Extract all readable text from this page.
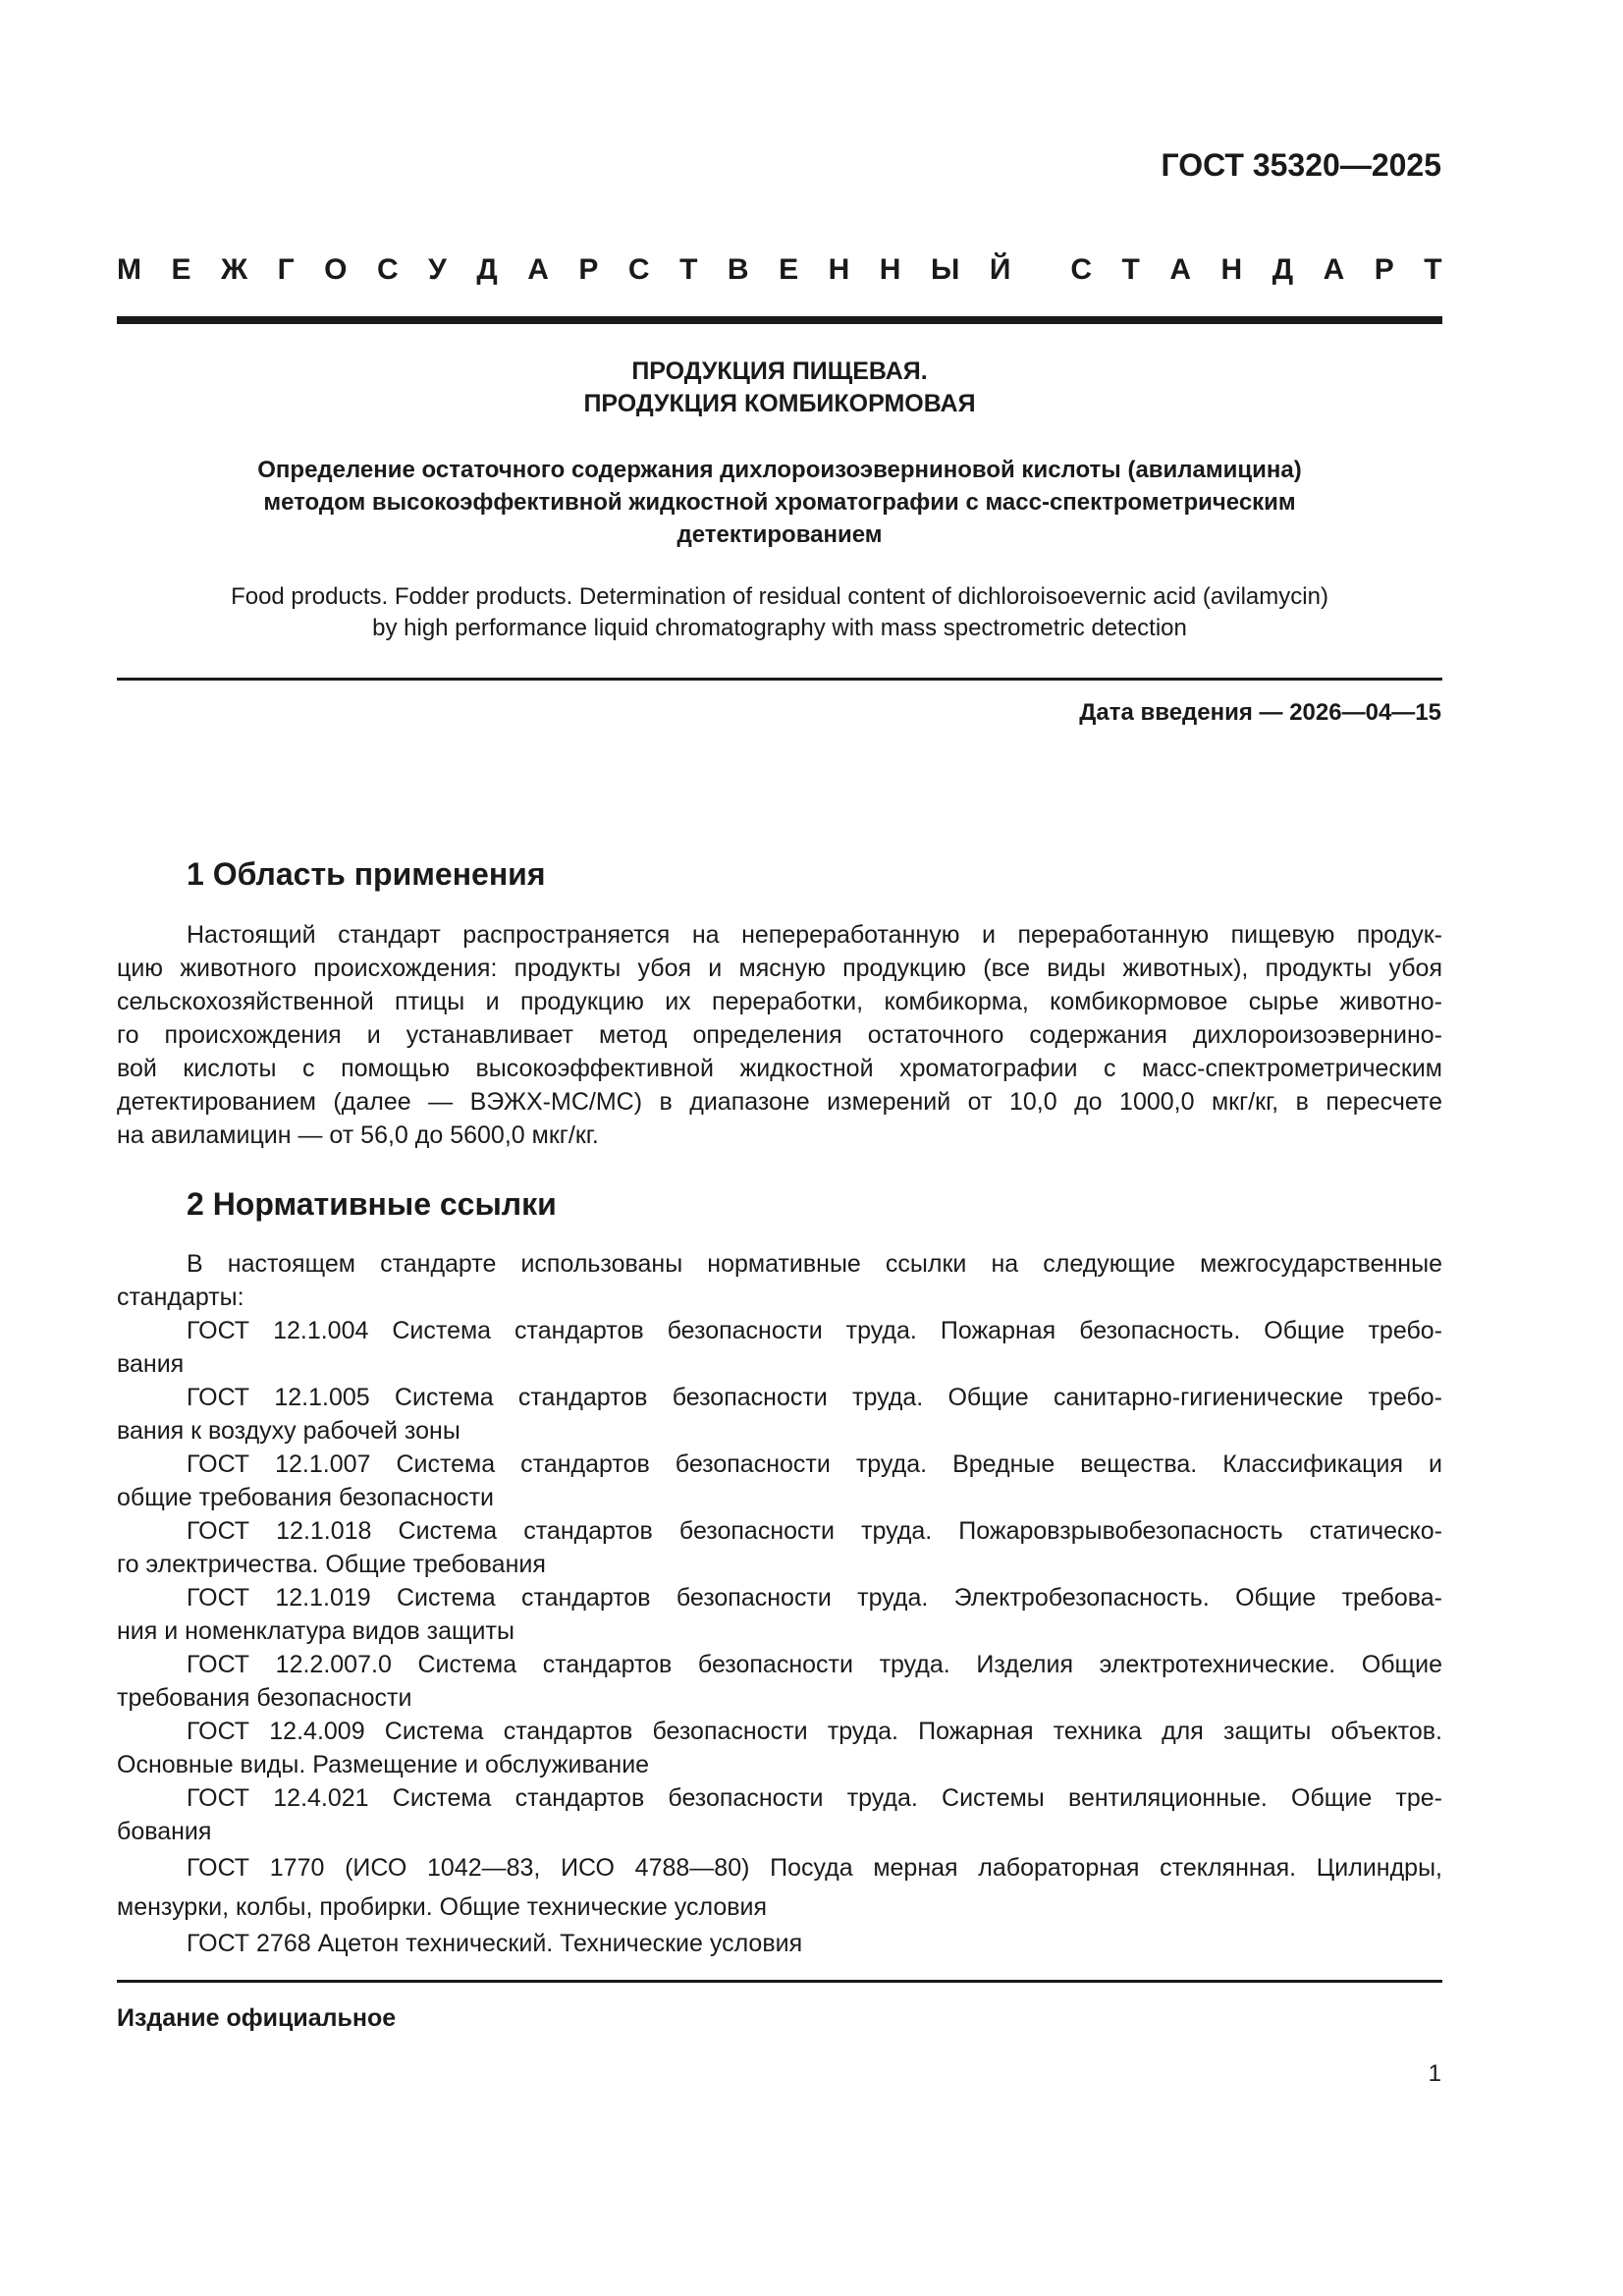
ГОСТ 35320—2025
М Е Ж Г О С У Д А Р С Т В Е Н Н Ы Й С Т А Н Д А Р Т
ПРОДУКЦИЯ ПИЩЕВАЯ.
ПРОДУКЦИЯ КОМБИКОРМОВАЯ
Определение остаточного содержания дихлороизоэверниновой кислоты (авиламицина)
методом высокоэффективной жидкостной хроматографии с масс-спектрометрическим
детектированием
Food products. Fodder products. Determination of residual content of dichloroisoevernic acid (avilamycin)
by high performance liquid chromatography with mass spectrometric detection
Дата введения — 2026—04—15
1 Область применения
Настоящий стандарт распространяется на непереработанную и переработанную пищевую продук-
цию животного происхождения: продукты убоя и мясную продукцию (все виды животных), продукты убоя
сельскохозяйственной птицы и продукцию их переработки, комбикорма, комбикормовое сырье животно-
го происхождения и устанавливает метод определения остаточного содержания дихлороизоэвернино-
вой кислоты с помощью высокоэффективной жидкостной хроматографии с масс-спектрометрическим
детектированием (далее — ВЭЖХ-МС/МС) в диапазоне измерений от 10,0 до 1000,0 мкг/кг, в пересчете
на авиламицин — от 56,0 до 5600,0 мкг/кг.
2 Нормативные ссылки
В настоящем стандарте использованы нормативные ссылки на следующие межгосударственные
стандарты:
ГОСТ 12.1.004 Система стандартов безопасности труда. Пожарная безопасность. Общие требо-
вания
ГОСТ 12.1.005 Система стандартов безопасности труда. Общие санитарно-гигиенические требо-
вания к воздуху рабочей зоны
ГОСТ 12.1.007 Система стандартов безопасности труда. Вредные вещества. Классификация и
общие требования безопасности
ГОСТ 12.1.018 Система стандартов безопасности труда. Пожаровзрывобезопасность статическо-
го электричества. Общие требования
ГОСТ 12.1.019 Система стандартов безопасности труда. Электробезопасность. Общие требова-
ния и номенклатура видов защиты
ГОСТ 12.2.007.0 Система стандартов безопасности труда. Изделия электротехнические. Общие
требования безопасности
ГОСТ 12.4.009 Система стандартов безопасности труда. Пожарная техника для защиты объектов.
Основные виды. Размещение и обслуживание
ГОСТ 12.4.021 Система стандартов безопасности труда. Системы вентиляционные. Общие тре-
бования
ГОСТ 1770 (ИСО 1042—83, ИСО 4788—80) Посуда мерная лабораторная стеклянная. Цилиндры,
мензурки, колбы, пробирки. Общие технические условия
ГОСТ 2768 Ацетон технический. Технические условия
Издание официальное
1
